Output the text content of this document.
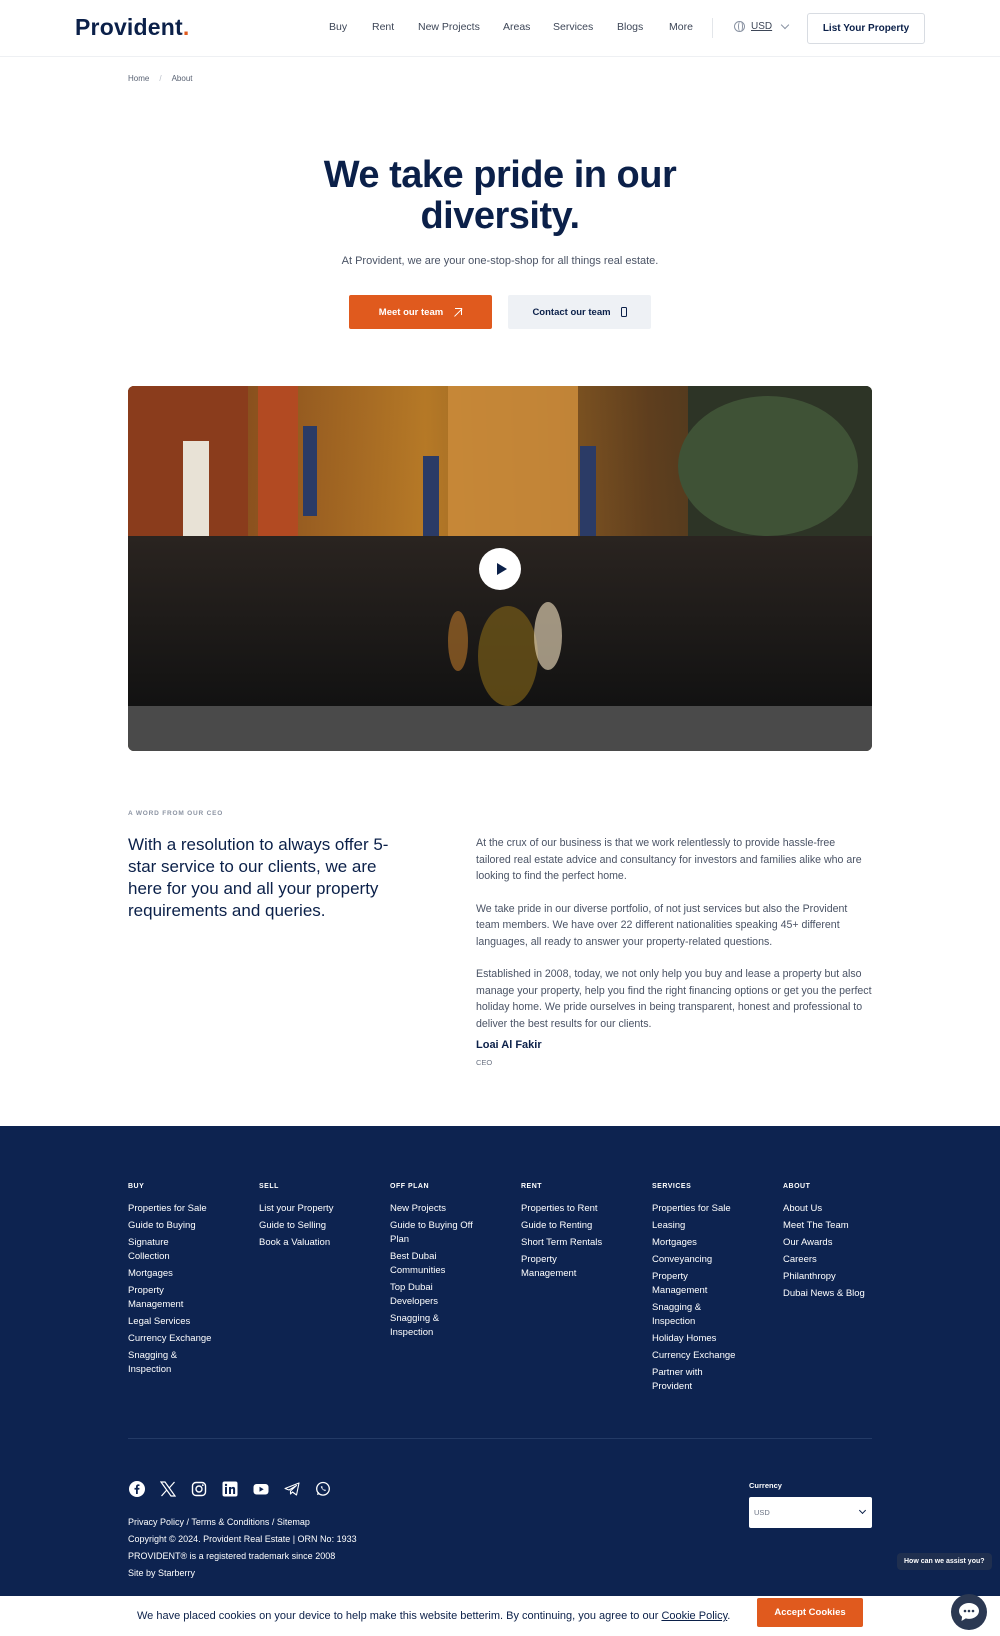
Provident.	Buy Rent New Projects Areas Services Blogs More	USD	List Your Property
Home / About
We take pride in our
diversity.
At Provident, we are your one-stop-shop for all things real estate.
Meet our team	Contact our team
A WORD FROM OUR CEO
With a resolution to always offer 5-star service to our clients, we are here for you and all your property requirements and queries.

At the crux of our business is that we work relentlessly to provide hassle-free tailored real estate advice and consultancy for investors and families alike who are looking to find the perfect home.

We take pride in our diverse portfolio, of not just services but also the Provident team members. We have over 22 different nationalities speaking 45+ different languages, all ready to answer your property-related questions.

Established in 2008, today, we not only help you buy and lease a property but also manage your property, help you find the right financing options or get you the perfect holiday home. We pride ourselves in being transparent, honest and professional to deliver the best results for our clients.

Loai Al Fakir
CEO
BUY
Properties for Sale
Guide to Buying
Signature Collection
Mortgages
Property Management
Legal Services
Currency Exchange
Snagging & Inspection
SELL
List your Property
Guide to Selling
Book a Valuation
OFF PLAN
New Projects
Guide to Buying Off Plan
Best Dubai Communities
Top Dubai Developers
Snagging & Inspection
RENT
Properties to Rent
Guide to Renting
Short Term Rentals
Property Management
SERVICES
Properties for Sale
Leasing
Mortgages
Conveyancing
Property Management
Snagging & Inspection
Holiday Homes
Currency Exchange
Partner with Provident
ABOUT
About Us
Meet The Team
Our Awards
Careers
Philanthropy
Dubai News & Blog
Privacy Policy / Terms & Conditions / Sitemap
Copyright © 2024. Provident Real Estate | ORN No: 1933
PROVIDENT® is a registered trademark since 2008
Site by Starberry
Currency
USD
How can we assist you?
We have placed cookies on your device to help make this website betterim. By continuing, you agree to our Cookie Policy.	Accept Cookies
